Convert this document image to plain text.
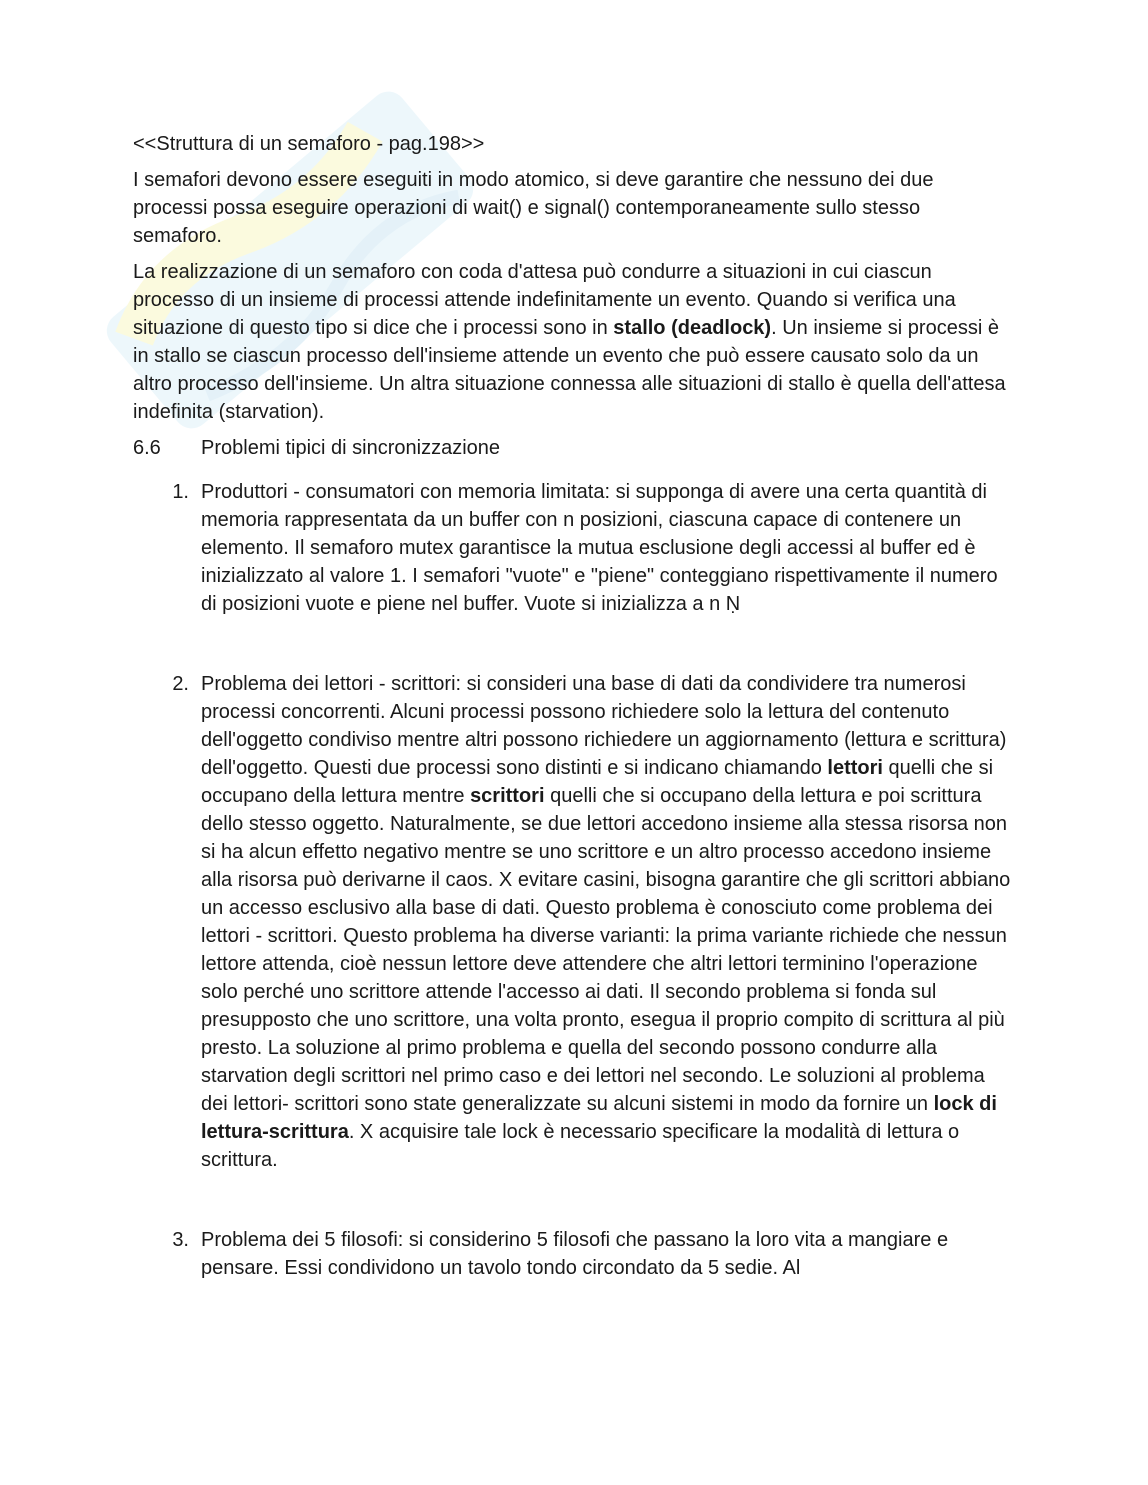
<<Struttura di un semaforo - pag.198>>

I semafori devono essere eseguiti in modo atomico, si deve garantire che nessuno dei due processi possa eseguire operazioni di wait() e signal() contemporaneamente sullo stesso semaforo.

La realizzazione di un semaforo con coda d'attesa può condurre a situazioni in cui ciascun processo di un insieme di processi attende indefinitamente un evento. Quando si verifica una situazione di questo tipo si dice che i processi sono in stallo (deadlock). Un insieme si processi è in stallo se ciascun processo dell'insieme attende un evento che può essere causato solo da un altro processo dell'insieme. Un altra situazione connessa alle situazioni di stallo è quella dell'attesa indefinita (starvation).

6.6	Problemi tipici di sincronizzazione
1. Produttori - consumatori con memoria limitata: si supponga di avere una certa quantità di memoria rappresentata da un buffer con n posizioni, ciascuna capace di contenere un elemento. Il semaforo mutex garantisce la mutua esclusione degli accessi al buffer ed è inizializzato al valore 1. I semafori "vuote" e "piene" conteggiano rispettivamente il numero di posizioni vuote e piene nel buffer. Vuote si inizializza a n Ṇ
2. Problema dei lettori - scrittori: si consideri una base di dati da condividere tra numerosi processi concorrenti. Alcuni processi possono richiedere solo la lettura del contenuto dell'oggetto condiviso mentre altri possono richiedere un aggiornamento (lettura e scrittura) dell'oggetto. Questi due processi sono distinti e si indicano chiamando lettori quelli che si occupano della lettura mentre scrittori quelli che si occupano della lettura e poi scrittura dello stesso oggetto. Naturalmente, se due lettori accedono insieme alla stessa risorsa non si ha alcun effetto negativo mentre se uno scrittore e un altro processo accedono insieme alla risorsa può derivarne il caos. X evitare casini, bisogna garantire che gli scrittori abbiano un accesso esclusivo alla base di dati. Questo problema è conosciuto come problema dei lettori - scrittori. Questo problema ha diverse varianti: la prima variante richiede che nessun lettore attenda, cioè nessun lettore deve attendere che altri lettori terminino l'operazione solo perché uno scrittore attende l'accesso ai dati. Il secondo problema si fonda sul presupposto che uno scrittore, una volta pronto, esegua il proprio compito di scrittura al più presto. La soluzione al primo problema e quella del secondo possono condurre alla starvation degli scrittori nel primo caso e dei lettori nel secondo. Le soluzioni al problema dei lettori- scrittori sono state generalizzate su alcuni sistemi in modo da fornire un lock di lettura-scrittura. X acquisire tale lock è necessario specificare la modalità di lettura o scrittura.
3. Problema dei 5 filosofi: si considerino 5 filosofi che passano la loro vita a mangiare e pensare. Essi condividono un tavolo tondo circondato da 5 sedie. Al
